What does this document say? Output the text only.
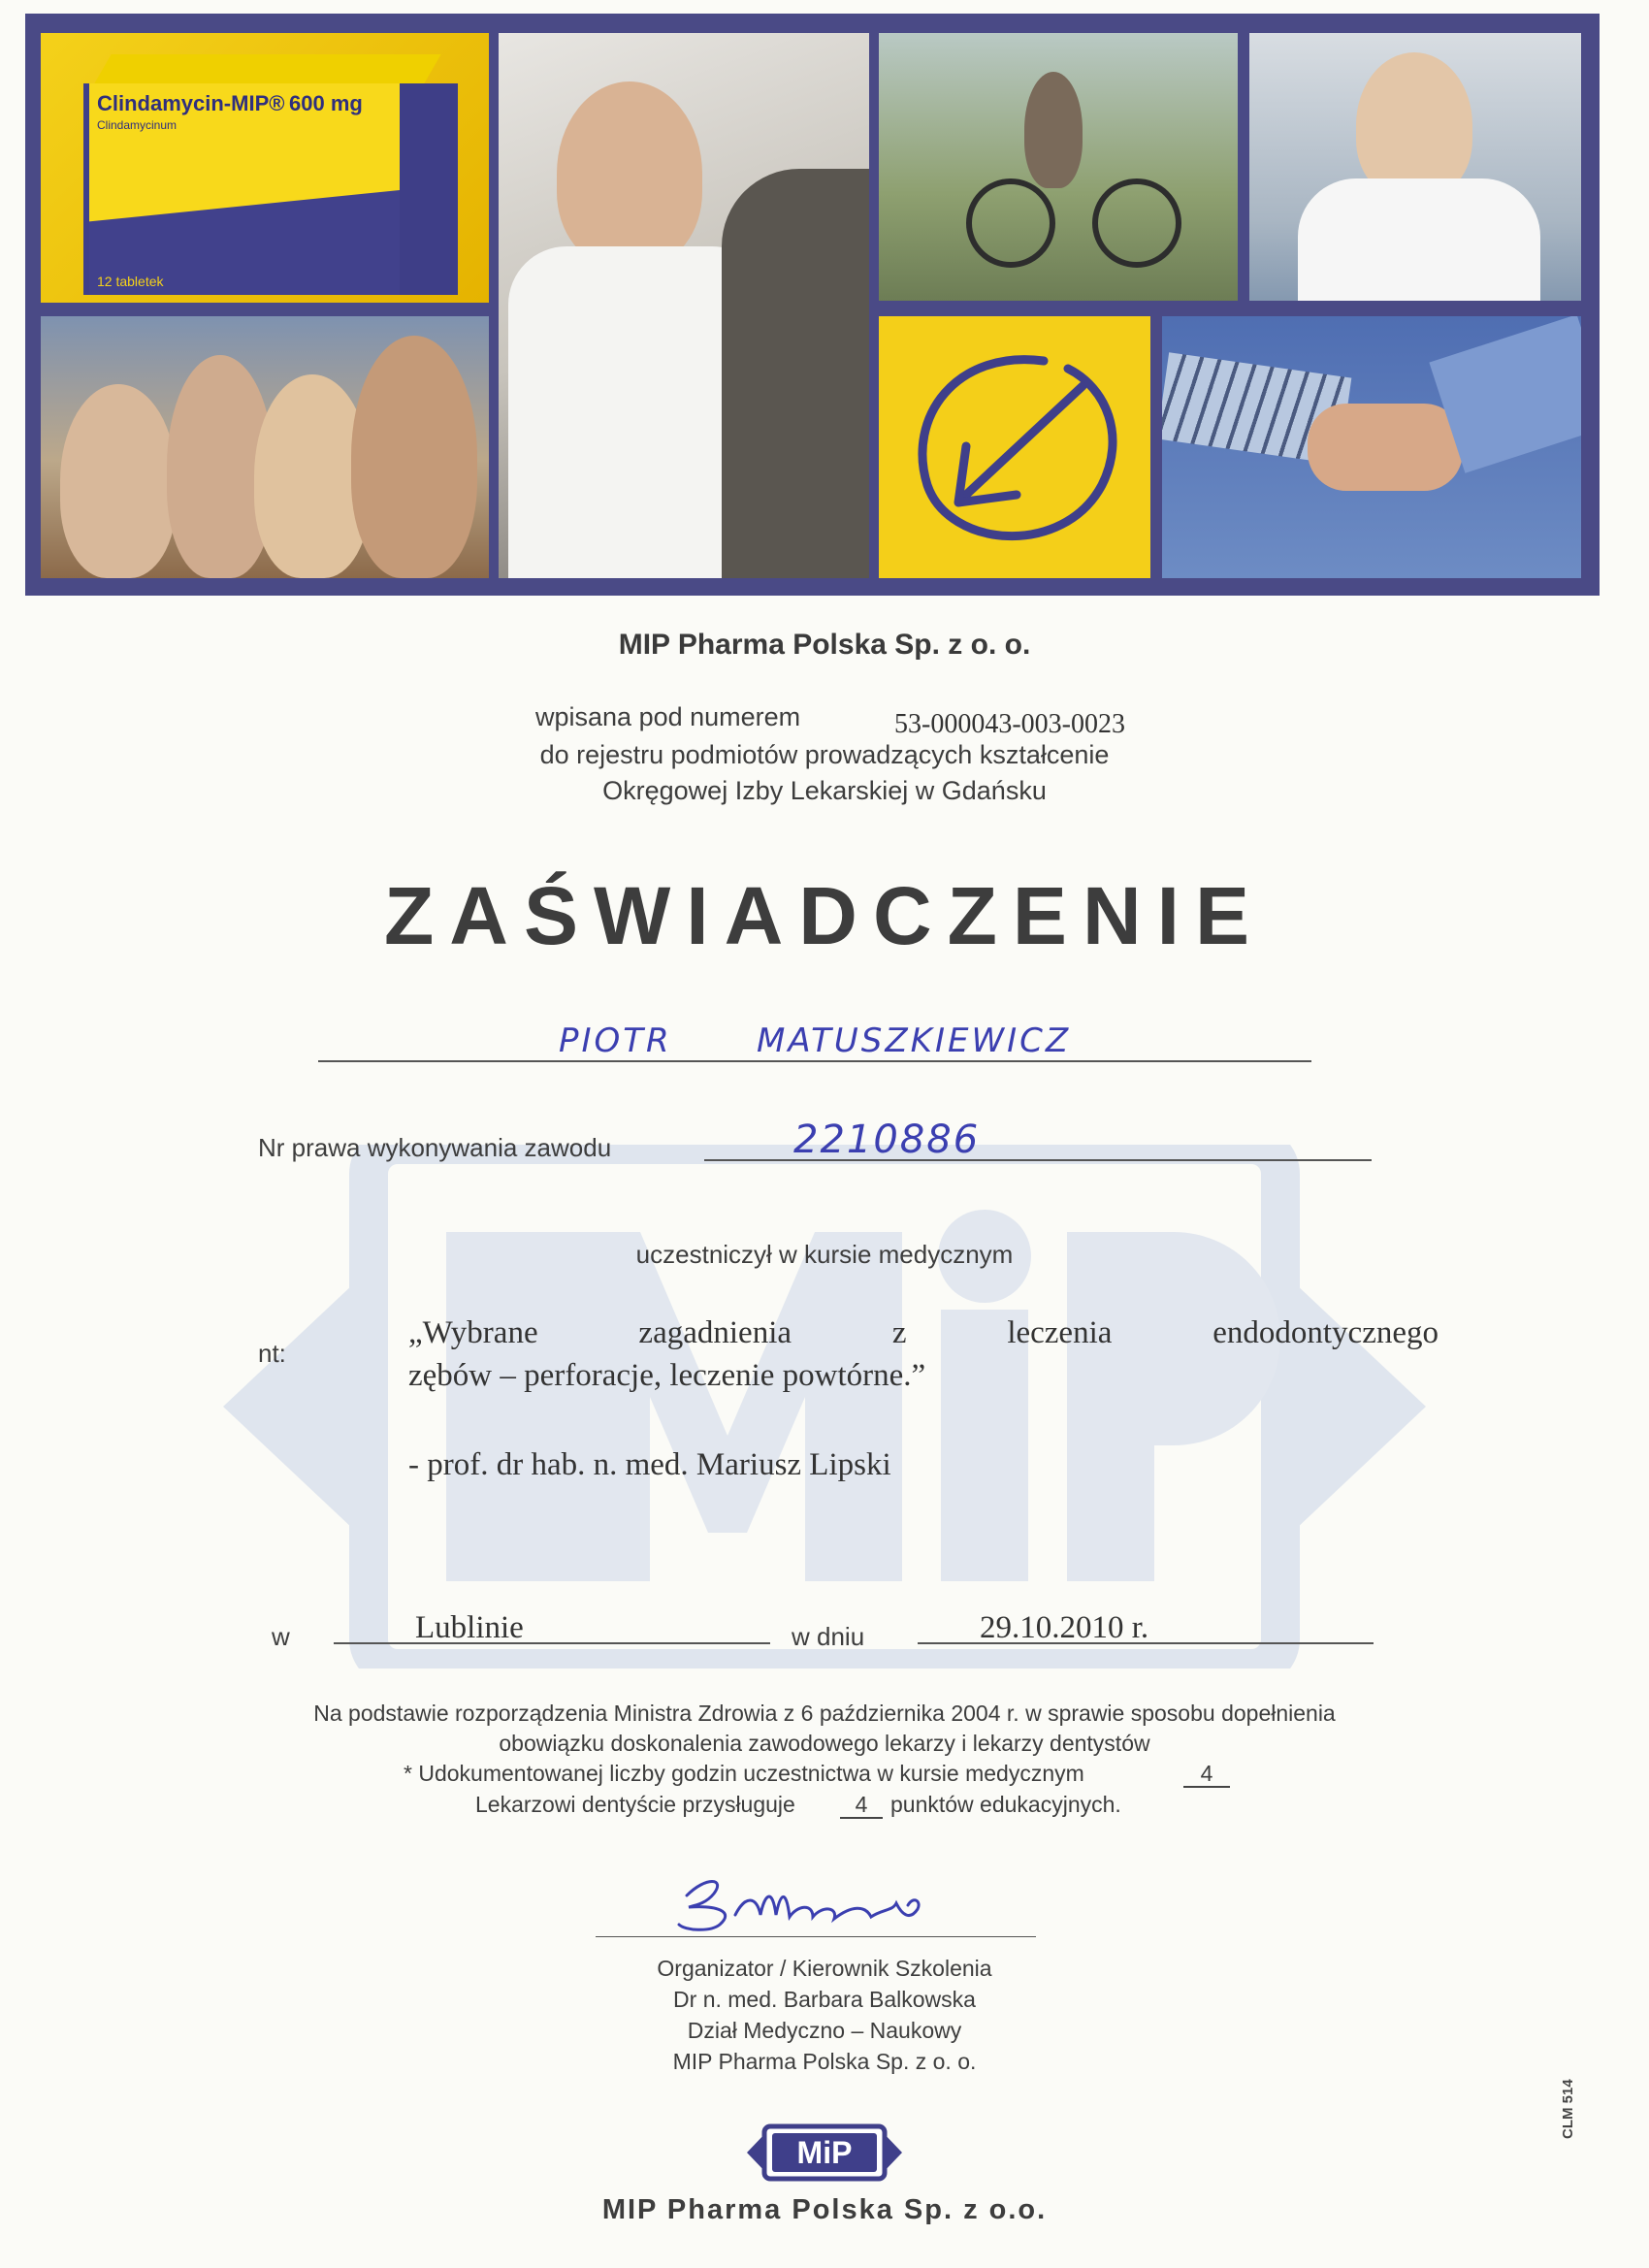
Clindamycin-MIP® 600 mg
Clindamycinum
12 tabletek
MIP Pharma Polska Sp. z o. o.
wpisana pod numerem	53-000043-003-0023
do rejestru podmiotów prowadzących kształcenie
Okręgowej Izby Lekarskiej w Gdańsku
ZAŚWIADCZENIE
PIOTR	MATUSZKIEWICZ
Nr prawa wykonywania zawodu	2210886
uczestniczył w kursie medycznym
nt:
„Wybrane zagadnienia z leczenia endodontycznego
zębów – perforacje, leczenie powtórne.”
- prof. dr hab. n. med. Mariusz Lipski
w	Lublinie	w dniu	29.10.2010 r.
Na podstawie rozporządzenia Ministra Zdrowia z 6 października 2004 r. w sprawie sposobu dopełnienia
obowiązku doskonalenia zawodowego lekarzy i lekarzy dentystów
* Udokumentowanej liczby godzin uczestnictwa w kursie medycznym	4
Lekarzowi dentyście przysługuje	4	punktów edukacyjnych.
Organizator / Kierownik Szkolenia
Dr n. med. Barbara Balkowska
Dział Medyczno – Naukowy
MIP Pharma Polska Sp. z o. o.
MiP
MIP Pharma Polska Sp. z o.o.
CLM 514
